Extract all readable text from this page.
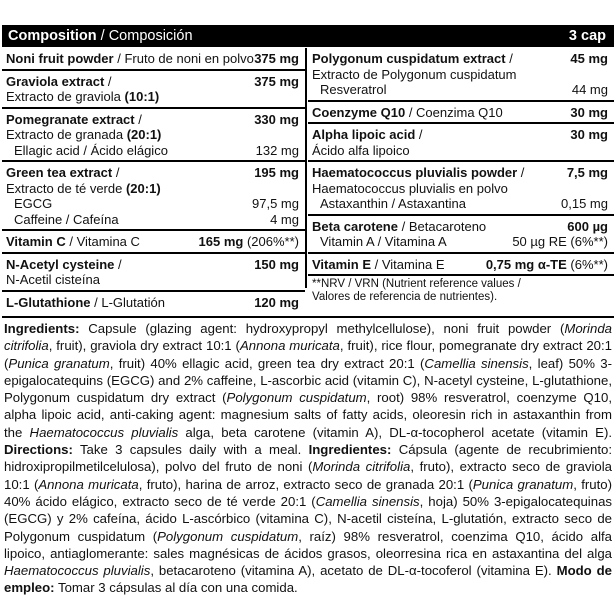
Composition / Composición	3 cap
Noni fruit powder / Fruto de noni en polvo 375 mg
Graviola extract /	375 mg
Extracto de graviola (10:1)
Pomegranate extract /	330 mg
Extracto de granada (20:1)
Ellagic acid / Ácido elágico	132 mg
Green tea extract /	195 mg
Extracto de té verde (20:1)
EGCG	97,5 mg
Caffeine / Cafeína	4 mg
Vitamin C / Vitamina C	165 mg (206%**)
N-Acetyl cysteine /	150 mg
N-Acetil cisteína
L-Glutathione / L-Glutatión	120 mg
Polygonum cuspidatum extract /	45 mg
Extracto de Polygonum cuspidatum
Resveratrol	44 mg
Coenzyme Q10 / Coenzima Q10	30 mg
Alpha lipoic acid /	30 mg
Ácido alfa lipoico
Haematococcus pluvialis powder /	7,5 mg
Haematococcus pluvialis en polvo
Astaxanthin / Astaxantina	0,15 mg
Beta carotene / Betacaroteno	600 µg
Vitamin A / Vitamina A	50 µg RE (6%**)
Vitamin E / Vitamina E	0,75 mg α-TE (6%**)
**NRV / VRN (Nutrient reference values /
Valores de referencia de nutrientes).
Ingredients: Capsule (glazing agent: hydroxypropyl methylcellulose), noni fruit powder (Morinda citrifolia, fruit), graviola dry extract 10:1 (Annona muricata, fruit), rice flour, pomegranate dry extract 20:1 (Punica granatum, fruit) 40% ellagic acid, green tea dry extract 20:1 (Camellia sinensis, leaf) 50% 3-epigalocatequins (EGCG) and 2% caffeine, L-ascorbic acid (vitamin C), N-acetyl cysteine, L-glutathione, Polygonum cuspidatum dry extract (Polygonum cuspidatum, root) 98% resveratrol, coenzyme Q10, alpha lipoic acid, anti-caking agent: magnesium salts of fatty acids, oleoresin rich in astaxanthin from the Haematococcus pluvialis alga, beta carotene (vitamin A), DL-α-tocopherol acetate (vitamin E). Directions: Take 3 capsules daily with a meal. Ingredientes: Cápsula (agente de recubrimiento: hidroxipropilmetilcelulosa), polvo del fruto de noni (Morinda citrifolia, fruto), extracto seco de graviola 10:1 (Annona muricata, fruto), harina de arroz, extracto seco de granada 20:1 (Punica granatum, fruto) 40% ácido elágico, extracto seco de té verde 20:1 (Camellia sinensis, hoja) 50% 3-epigalocatequinas (EGCG) y 2% cafeína, ácido L-ascórbico (vitamina C), N-acetil cisteína, L-glutatión, extracto seco de Polygonum cuspidatum (Polygonum cuspidatum, raíz) 98% resveratrol, coenzima Q10, ácido alfa lipoico, antiaglomerante: sales magnésicas de ácidos grasos, oleorresina rica en astaxantina del alga Haematococcus pluvialis, betacaroteno (vitamina A), acetato de DL-α-tocoferol (vitamina E). Modo de empleo: Tomar 3 cápsulas al día con una comida.
